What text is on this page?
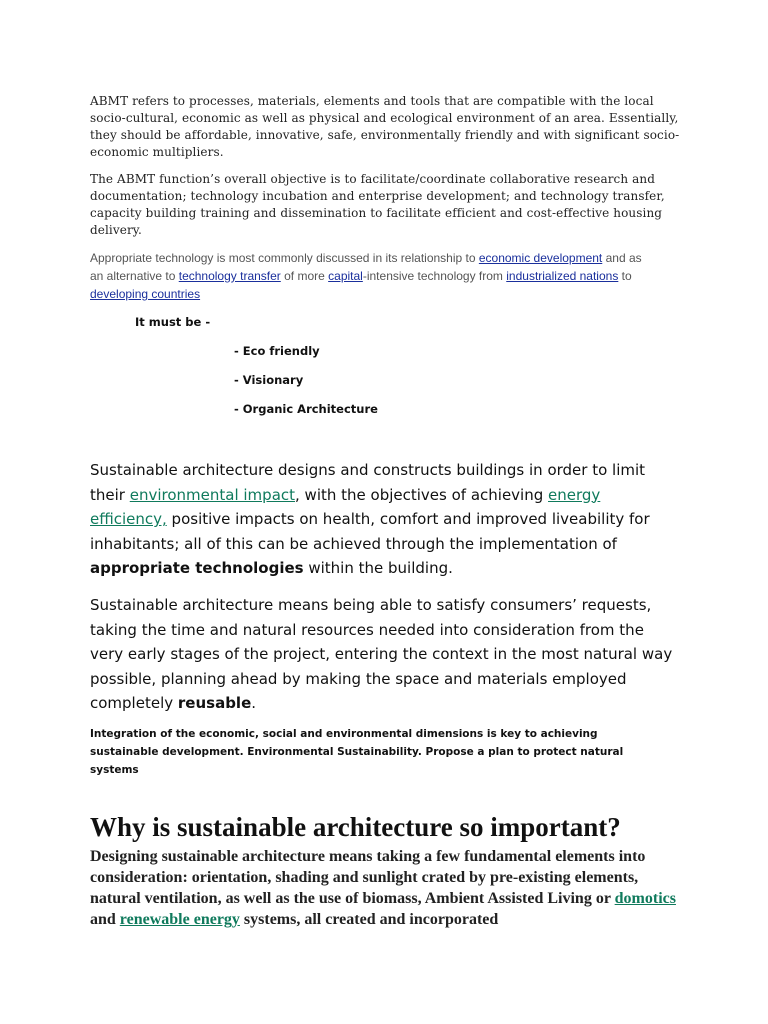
ABMT refers to processes, materials, elements and tools that are compatible with the local socio-cultural, economic as well as physical and ecological environment of an area. Essentially, they should be affordable, innovative, safe, environmentally friendly and with significant socio-economic multipliers.

The ABMT function’s overall objective is to facilitate/coordinate collaborative research and documentation; technology incubation and enterprise development; and technology transfer, capacity building training and dissemination to facilitate efficient and cost-effective housing delivery.

Appropriate technology is most commonly discussed in its relationship to economic development and as an alternative to technology transfer of more capital-intensive technology from industrialized nations to developing countries

It must be -

- Eco friendly

- Visionary

- Organic Architecture

Sustainable architecture designs and constructs buildings in order to limit their environmental impact, with the objectives of achieving energy efficiency, positive impacts on health, comfort and improved liveability for inhabitants; all of this can be achieved through the implementation of appropriate technologies within the building.

Sustainable architecture means being able to satisfy consumers’ requests, taking the time and natural resources needed into consideration from the very early stages of the project, entering the context in the most natural way possible, planning ahead by making the space and materials employed completely reusable.

Integration of the economic, social and environmental dimensions is key to achieving sustainable development. Environmental Sustainability. Propose a plan to protect natural systems

Why is sustainable architecture so important?

Designing sustainable architecture means taking a few fundamental elements into consideration: orientation, shading and sunlight crated by pre-existing elements, natural ventilation, as well as the use of biomass, Ambient Assisted Living or domotics and renewable energy systems, all created and incorporated
